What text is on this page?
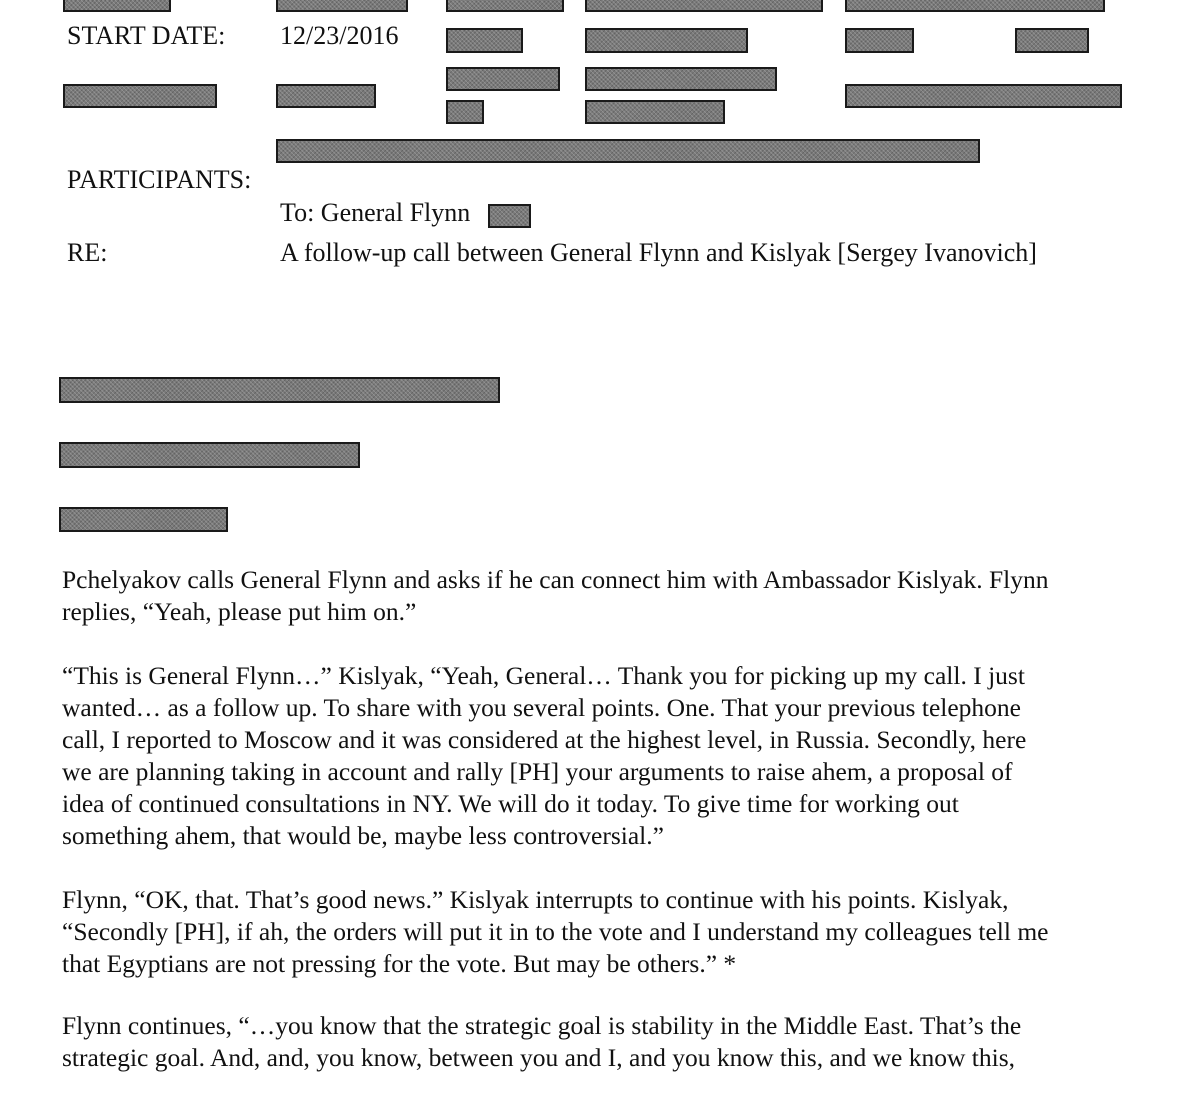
START DATE: 12/23/2016
PARTICIPANTS:
To: General Flynn
RE:	A follow-up call between General Flynn and Kislyak [Sergey Ivanovich]

Pchelyakov calls General Flynn and asks if he can connect him with Ambassador Kislyak. Flynn
replies, “Yeah, please put him on.”

“This is General Flynn…” Kislyak, “Yeah, General… Thank you for picking up my call. I just
wanted… as a follow up. To share with you several points. One. That your previous telephone
call, I reported to Moscow and it was considered at the highest level, in Russia. Secondly, here
we are planning taking in account and rally [PH] your arguments to raise ahem, a proposal of
idea of continued consultations in NY. We will do it today. To give time for working out
something ahem, that would be, maybe less controversial.”

Flynn, “OK, that. That’s good news.” Kislyak interrupts to continue with his points. Kislyak,
“Secondly [PH], if ah, the orders will put it in to the vote and I understand my colleagues tell me
that Egyptians are not pressing for the vote. But may be others.” *

Flynn continues, “…you know that the strategic goal is stability in the Middle East. That’s the
strategic goal. And, and, you know, between you and I, and you know this, and we know this,
